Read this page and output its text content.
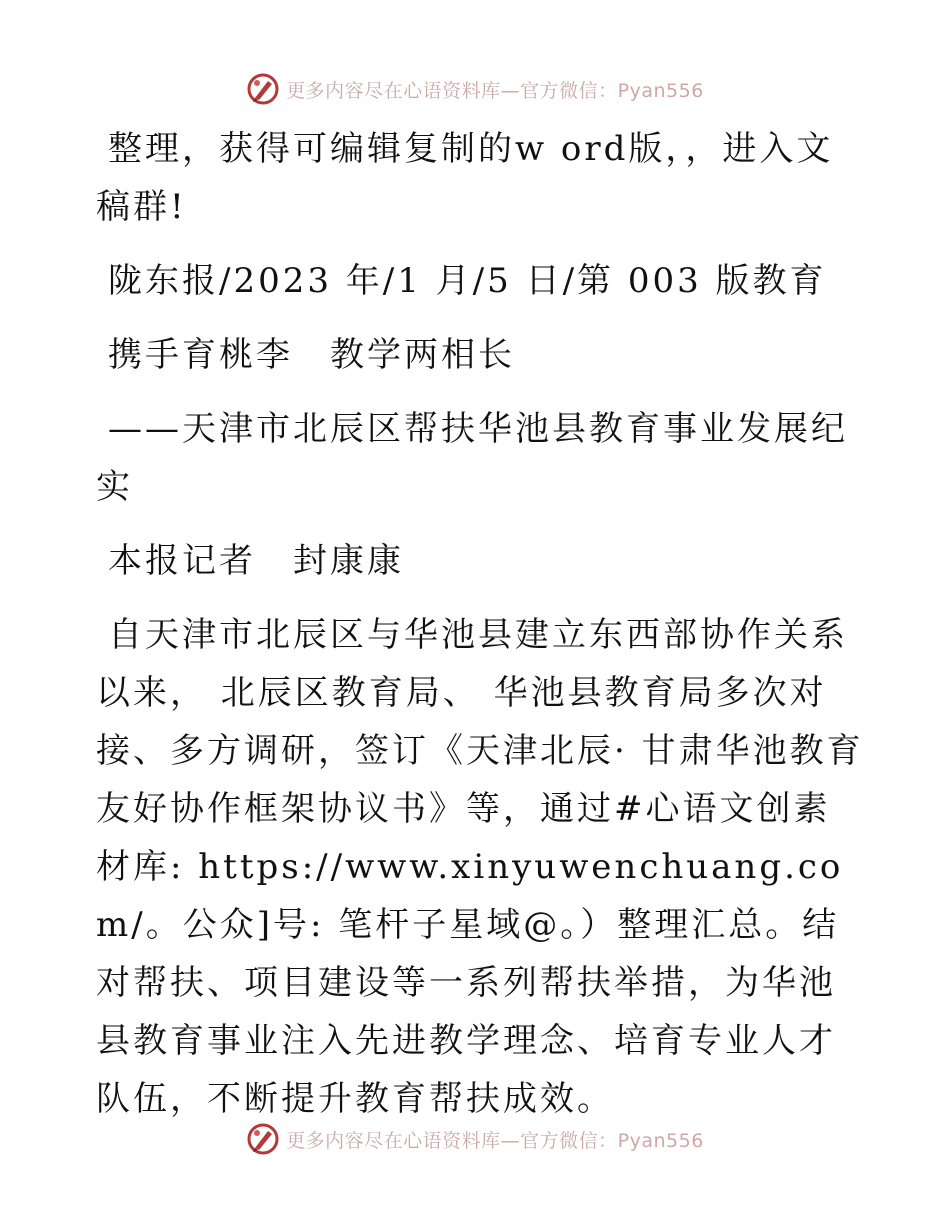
更多内容尽在心语资料库—官方微信：Pyan556

整理，获得可编辑复制的w ord版，，进入文稿群!

陇东报/2023 年/1 月/5 日/第 003 版教育

携手育桃李　教学两相长

——天津市北辰区帮扶华池县教育事业发展纪实

本报记者　封康康

自天津市北辰区与华池县建立东西部协作关系以来， 北辰区教育局、 华池县教育局多次对接、多方调研，签订《天津北辰· 甘肃华池教育友好协作框架协议书》等，通过#心语文创素材库: https://www.xinyuwenchuang.com/。公众]号: 笔杆子星域@。）整理汇总。结对帮扶、项目建设等一系列帮扶举措，为华池县教育事业注入先进教学理念、培育专业人才队伍，不断提升教育帮扶成效。

更多内容尽在心语资料库—官方微信：Pyan556
